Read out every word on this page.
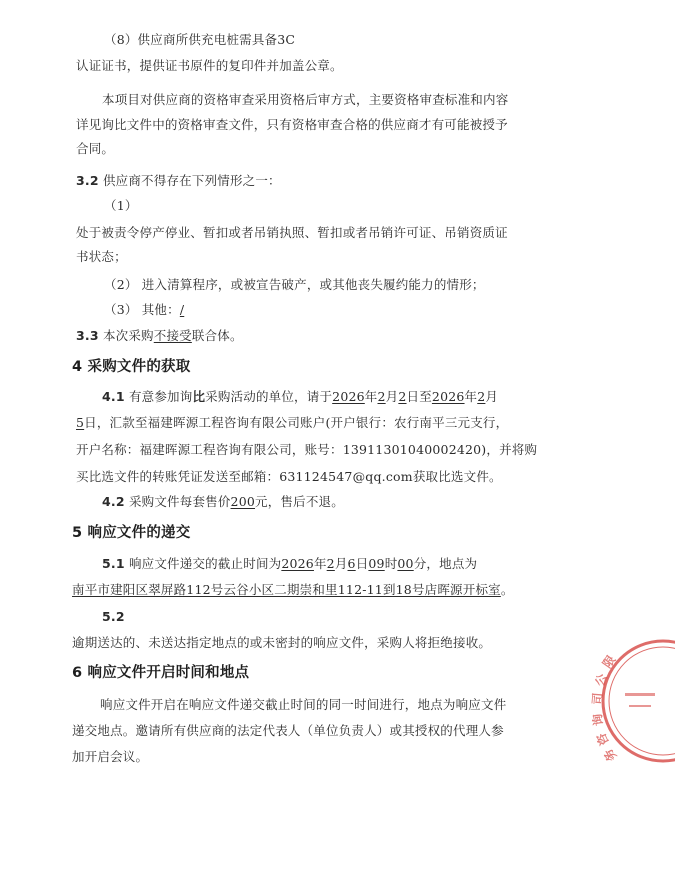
（8）供应商所供充电桩需具备3C
认证证书，提供证书原件的复印件并加盖公章。
本项目对供应商的资格审查采用资格后审方式，主要资格审查标准和内容
详见询比文件中的资格审查文件，只有资格审查合格的供应商才有可能被授予
合同。
3.2 供应商不得存在下列情形之一：
（1）
处于被责令停产停业、暂扣或者吊销执照、暂扣或者吊销许可证、吊销资质证
书状态；
（2） 进入清算程序，或被宣告破产，或其他丧失履约能力的情形；
（3） 其他：/
3.3 本次采购不接受联合体。
4 采购文件的获取
4.1 有意参加询比采购活动的单位，请于2026年2月2日至2026年2月
5日，汇款至福建晖源工程咨询有限公司账户(开户银行：农行南平三元支行，
开户名称：福建晖源工程咨询有限公司，账号：13911301040002420)，并将购
买比选文件的转账凭证发送至邮箱：631124547@qq.com获取比选文件。
4.2 采购文件每套售价200元，售后不退。
5 响应文件的递交
5.1 响应文件递交的截止时间为2026年2月6日09时00分，地点为
南平市建阳区翠屏路112号云谷小区二期崇和里112-11到18号店晖源开标室。
5.2
逾期送达的、未送达指定地点的或未密封的响应文件，采购人将拒绝接收。
6 响应文件开启时间和地点
响应文件开启在响应文件递交截止时间的同一时间进行，地点为响应文件
递交地点。邀请所有供应商的法定代表人（单位负责人）或其授权的代理人参
加开启会议。
限
公
司
询
咨
务
